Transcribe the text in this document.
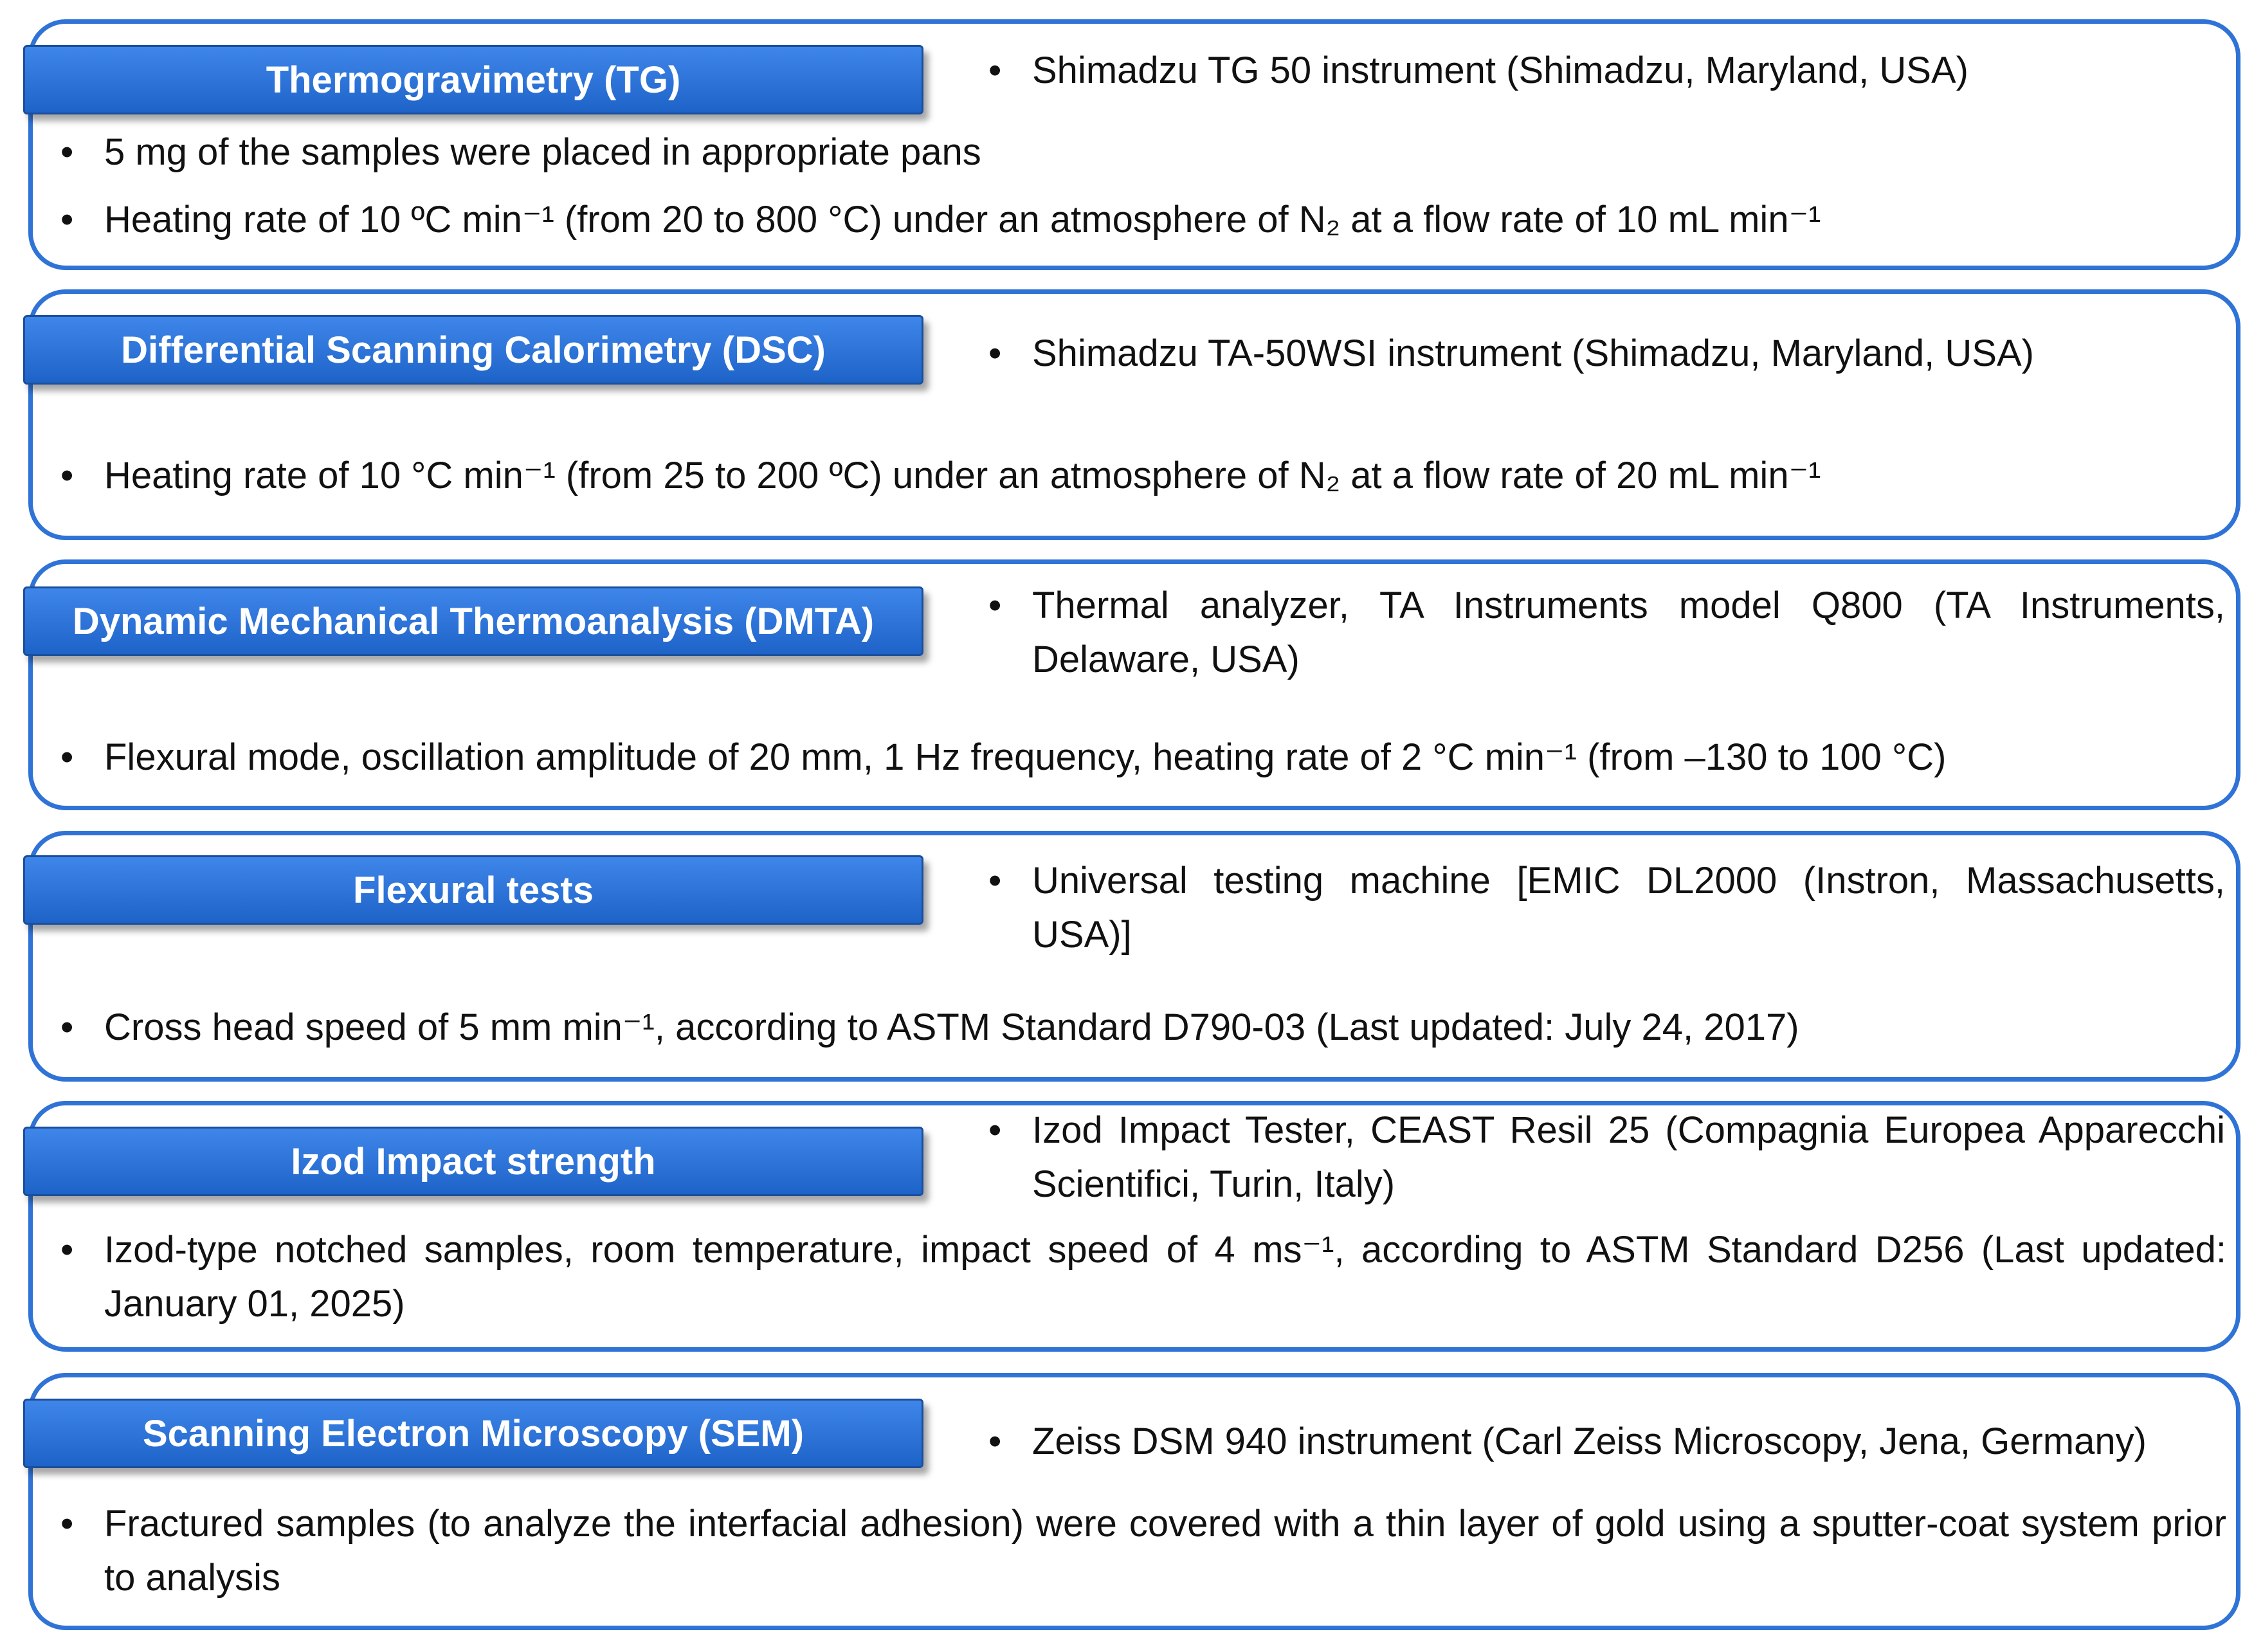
Thermogravimetry (TG)	• Shimadzu TG 50 instrument (Shimadzu, Maryland, USA)
• 5 mg of the samples were placed in appropriate pans
• Heating rate of 10 ºC min⁻¹ (from 20 to 800 °C) under an atmosphere of N₂ at a flow rate of 10 mL min⁻¹
Differential Scanning Calorimetry (DSC)	• Shimadzu TA-50WSI instrument (Shimadzu, Maryland, USA)
• Heating rate of 10 °C min⁻¹ (from 25 to 200 ºC) under an atmosphere of N₂ at a flow rate of 20 mL min⁻¹
Dynamic Mechanical Thermoanalysis (DMTA)	• Thermal analyzer, TA Instruments model Q800 (TA Instruments, Delaware, USA)
• Flexural mode, oscillation amplitude of 20 mm, 1 Hz frequency, heating rate of 2 °C min⁻¹ (from –130 to 100 °C)
Flexural tests	• Universal testing machine [EMIC DL2000 (Instron, Massachusetts, USA)]
• Cross head speed of 5 mm min⁻¹, according to ASTM Standard D790-03 (Last updated: July 24, 2017)
Izod Impact strength
• Izod Impact Tester, CEAST Resil 25 (Compagnia Europea Apparecchi Scientifici, Turin, Italy)
• Izod-type notched samples, room temperature, impact speed of 4 ms⁻¹, according to ASTM Standard D256 (Last updated: January 01, 2025)
Scanning Electron Microscopy (SEM)	• Zeiss DSM 940 instrument (Carl Zeiss Microscopy, Jena, Germany)
• Fractured samples (to analyze the interfacial adhesion) were covered with a thin layer of gold using a sputter-coat system prior to analysis
